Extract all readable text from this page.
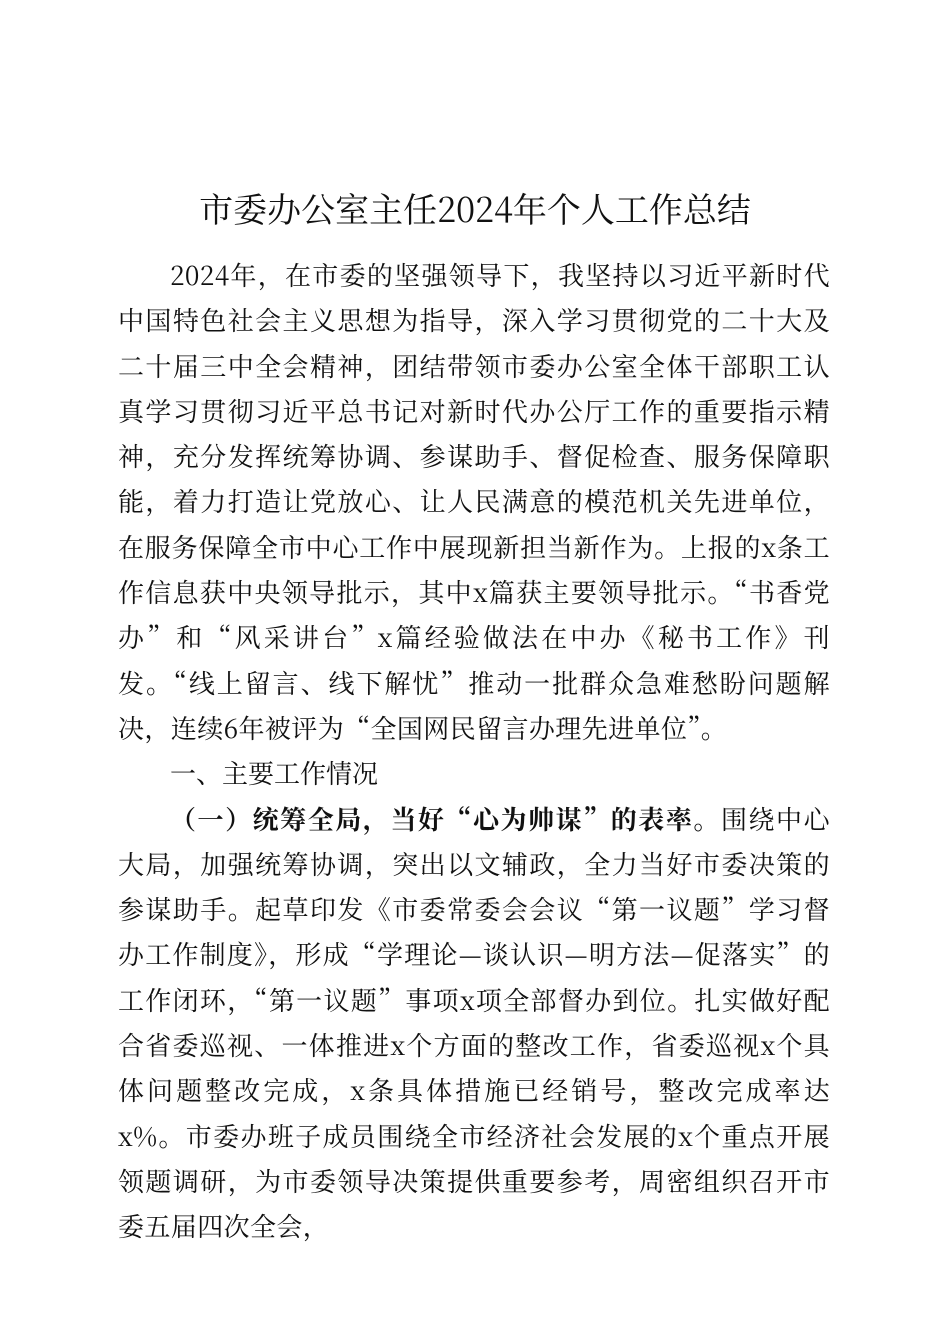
市委办公室主任2024年个人工作总结

2024年，在市委的坚强领导下，我坚持以习近平新时代中国特色社会主义思想为指导，深入学习贯彻党的二十大及二十届三中全会精神，团结带领市委办公室全体干部职工认真学习贯彻习近平总书记对新时代办公厅工作的重要指示精神，充分发挥统筹协调、参谋助手、督促检查、服务保障职能，着力打造让党放心、让人民满意的模范机关先进单位，在服务保障全市中心工作中展现新担当新作为。上报的x条工作信息获中央领导批示，其中x篇获主要领导批示。“书香党办”和“风采讲台”x篇经验做法在中办《秘书工作》刊发。“线上留言、线下解忧”推动一批群众急难愁盼问题解决，连续6年被评为“全国网民留言办理先进单位”。

一、主要工作情况

（一）统筹全局，当好“心为帅谋”的表率。围绕中心大局，加强统筹协调，突出以文辅政，全力当好市委决策的参谋助手。起草印发《市委常委会会议“第一议题”学习督办工作制度》，形成“学理论—谈认识—明方法—促落实”的工作闭环，“第一议题”事项x项全部督办到位。扎实做好配合省委巡视、一体推进x个方面的整改工作，省委巡视x个具体问题整改完成，x条具体措施已经销号，整改完成率达x%。市委办班子成员围绕全市经济社会发展的x个重点开展领题调研，为市委领导决策提供重要参考，周密组织召开市委五届四次全会，
